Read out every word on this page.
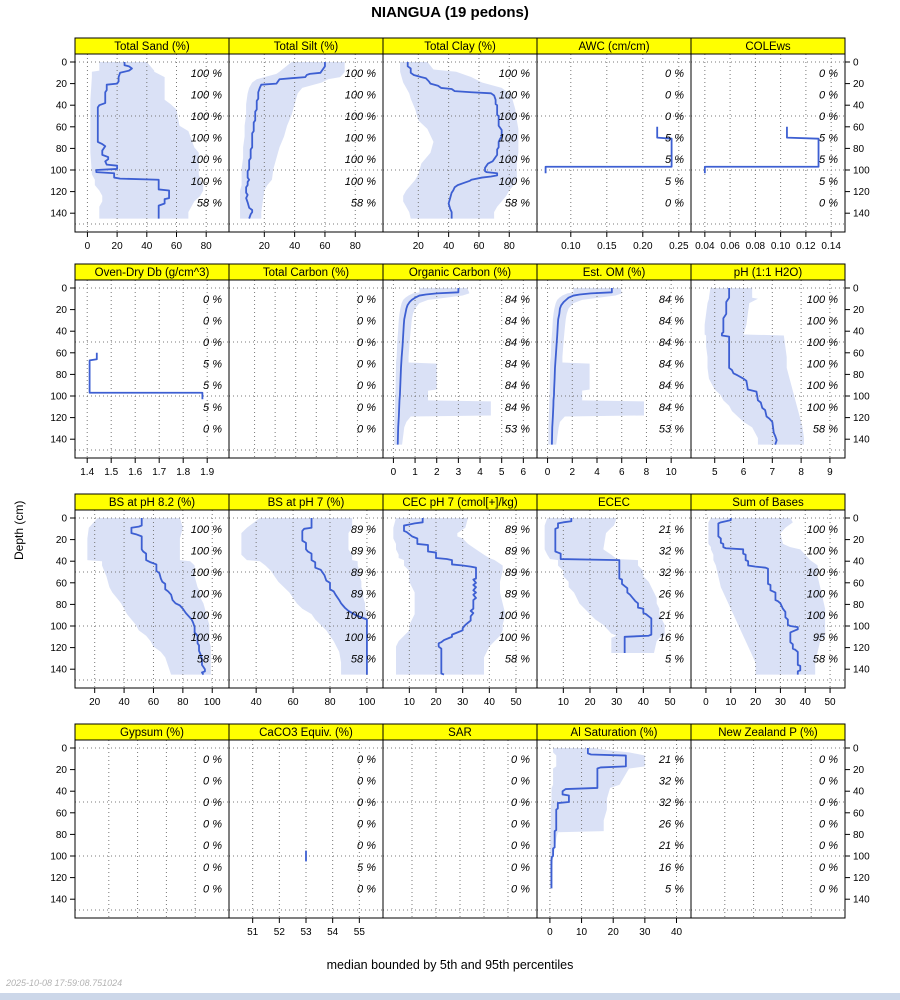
NIANGUA (19 pedons)
100 %
100 %
100 %
100 %
100 %
100 %
58 %
Total Sand (%)
0 20 40 60 80
100 %
100 %
100 %
100 %
100 %
100 %
58 %
Total Silt (%)
20 40 60 80
100 %
100 %
100 %
100 %
100 %
100 %
58 %
Total Clay (%)
20 40 60 80
0 %
0 %
0 %
5 %
5 %
5 %
0 %
AWC (cm/cm)
0.10 0.15 0.20 0.25
0 %
0 %
0 %
5 %
5 %
5 %
0 %
COLEws
0.04 0.06 0.08 0.10 0.12 0.14
0	0
20	20
40	40
60	60
80	80
100	100
120	120
140	140
0 %
0 %
0 %
5 %
5 %
5 %
0 %
Oven-Dry Db (g/cm^3)
1.4 1.5 1.6 1.7 1.8 1.9
0 %
0 %
0 %
0 %
0 %
0 %
0 %
Total Carbon (%)
84 %
84 %
84 %
84 %
84 %
84 %
53 %
Organic Carbon (%)
0 1 2 3 4 5 6
84 %
84 %
84 %
84 %
84 %
84 %
53 %
Est. OM (%)
0 2 4 6 8 10
100 %
100 %
100 %
100 %
100 %
100 %
58 %
pH (1:1 H2O)
5 6 7 8 9
0	0
20	20
40	40
60	60
80	80
100	100
120	120
140	140
100 %
100 %
100 %
100 %
100 %
100 %
58 %
BS at pH 8.2 (%)
20 40 60 80 100
89 %
89 %
89 %
89 %
100 %
100 %
58 %
BS at pH 7 (%)
40	60	80 100
89 %
89 %
89 %
89 %
100 %
100 %
58 %
CEC pH 7 (cmol[+]/kg)
10 20 30 40 50
21 %
32 %
32 %
26 %
21 %
16 %
5 %
ECEC
10 20 30 40 50
100 %
100 %
100 %
100 %
100 %
95 %
58 %
Sum of Bases
0 10 20 30 40 50
0	0
20	20
40	40
60	60
80	80
100	100
120	120
140	140
0 %
0 %
0 %
0 %
0 %
0 %
0 %
Gypsum (%)
0 %
0 %
0 %
0 %
0 %
5 %
0 %
CaCO3 Equiv. (%)
51 52 53 54 55
0 %
0 %
0 %
0 %
0 %
0 %
0 %
SAR
21 %
32 %
32 %
26 %
21 %
16 %
5 %
Al Saturation (%)
0 10 20 30 40
0 %
0 %
0 %
0 %
0 %
0 %
0 %
New Zealand P (%)
0	0
20	20
40	40
60	60
80	80
100	100
120	120
140	140
Depth (cm)
median bounded by 5th and 95th percentiles
2025-10-08 17:59:08.751024
